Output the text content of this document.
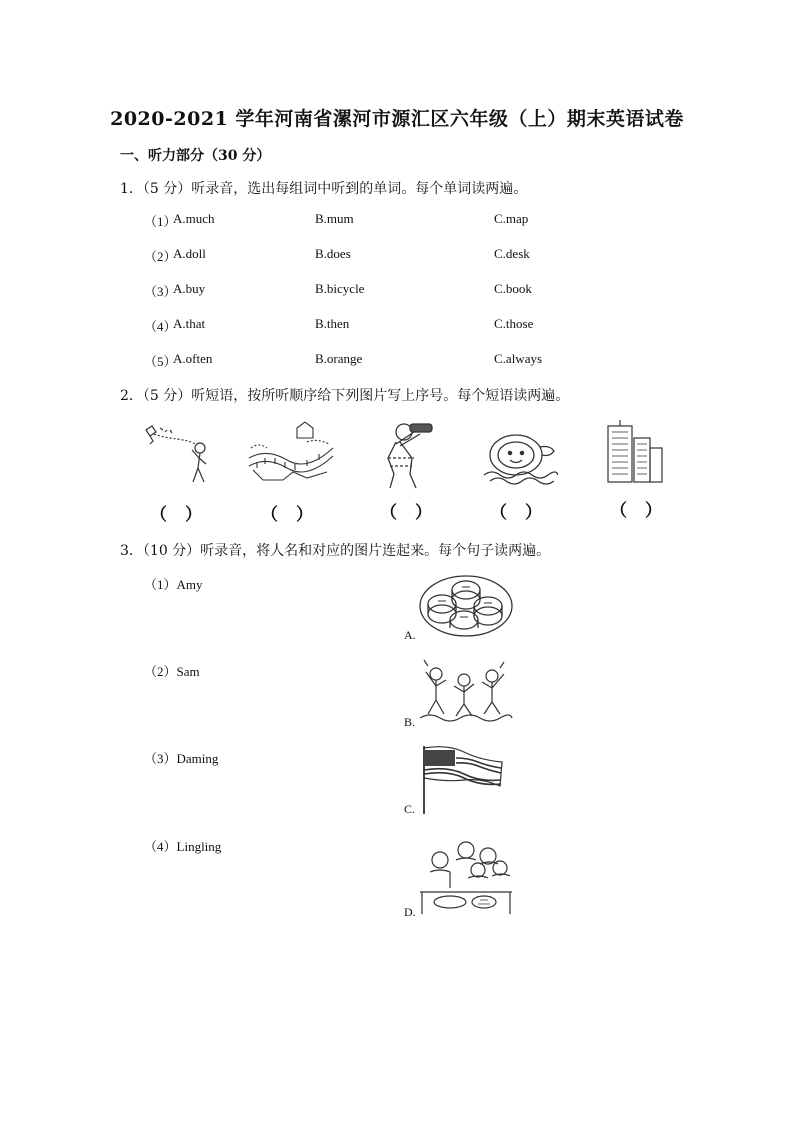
2020-2021 学年河南省漯河市源汇区六年级（上）期末英语试卷
一、听力部分（30 分）
1．（5 分）听录音，选出每组词中听到的单词。每个单词读两遍。
（1）
A.much	B.mum	C.map
（2）
A.doll	B.does	C.desk
（3）
A.buy	B.bicycle	C.book
（4）
A.that	B.then	C.those
（5）
A.often	B.orange	C.always
2．（5 分）听短语，按所听顺序给下列图片写上序号。每个短语读两遍。
（ ）	（ ）	（ ）	（ ）	（ ）
3．（10 分）听录音，将人名和对应的图片连起来。每个句子读两遍。
（1）Amy
（2）Sam
（3）Daming
（4）Lingling
A.
B.
C.
D.
